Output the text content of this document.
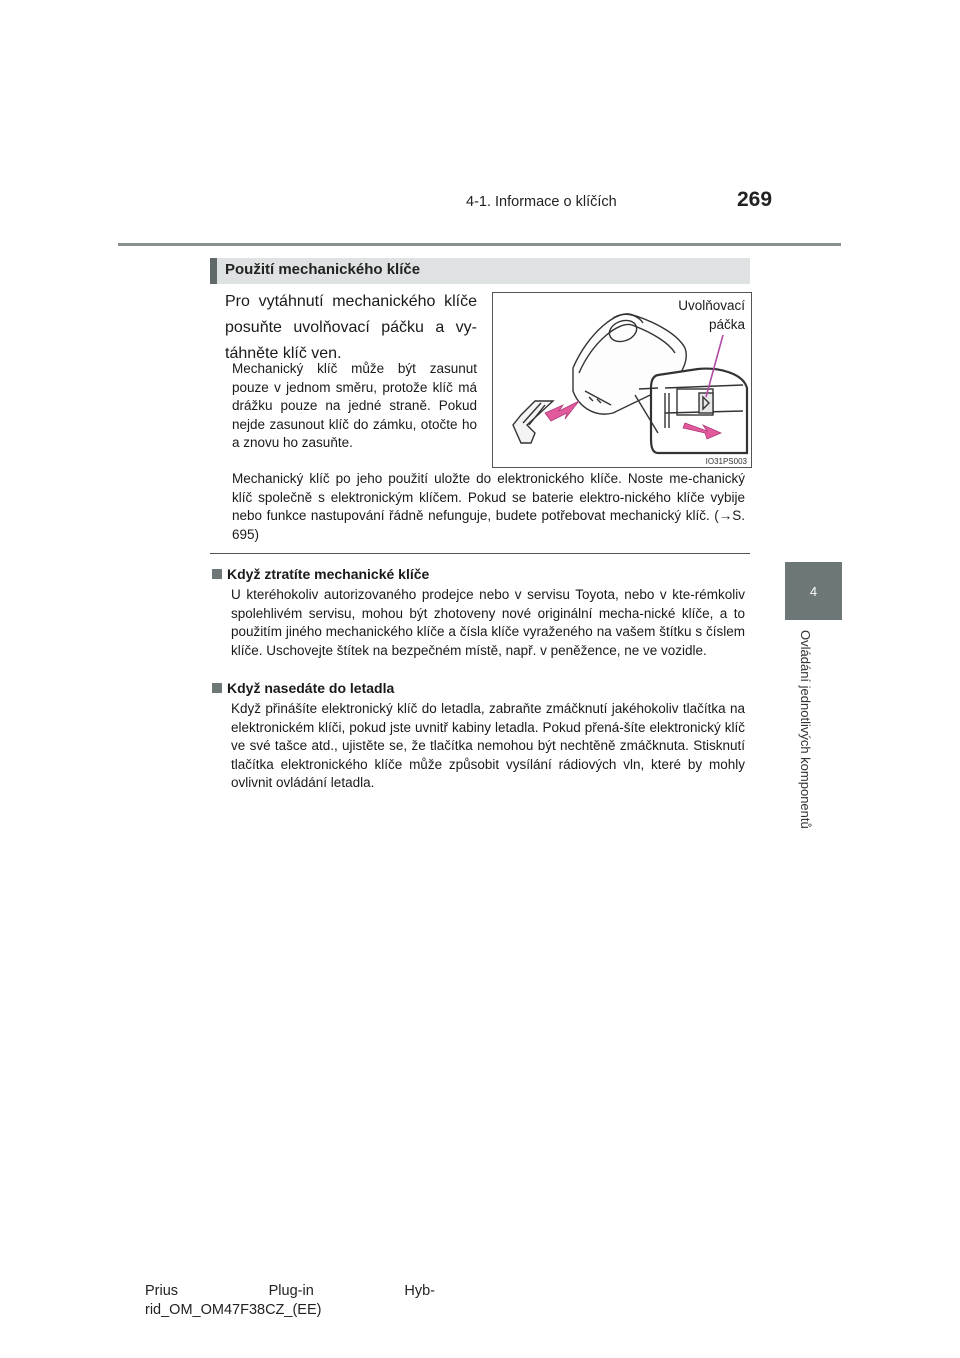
4-1. Informace o klíčích	269
4
Ovládání jednotlivých komponentů
Použití mechanického klíče
Pro vytáhnutí mechanického klíče posuňte uvolňovací páčku a vy-táhněte klíč ven.
Mechanický klíč může být zasunut pouze v jednom směru, protože klíč má drážku pouze na jedné straně. Pokud nejde zasunout klíč do zámku, otočte ho a znovu ho zasuňte.
Mechanický klíč po jeho použití uložte do elektronického klíče. Noste me-chanický klíč společně s elektronickým klíčem. Pokud se baterie elektro-nického klíče vybije nebo funkce nastupování řádně nefunguje, budete potřebovat mechanický klíč. (→S. 695)
Uvolňovací
páčka
IO31PS003
Když ztratíte mechanické klíče
U kteréhokoliv autorizovaného prodejce nebo v servisu Toyota, nebo v kte-rémkoliv spolehlivém servisu, mohou být zhotoveny nové originální mecha-nické klíče, a to použitím jiného mechanického klíče a čísla klíče vyraženého na vašem štítku s číslem klíče. Uschovejte štítek na bezpečném místě, např. v peněžence, ne ve vozidle.
Když nasedáte do letadla
Když přinášíte elektronický klíč do letadla, zabraňte zmáčknutí jakéhokoliv tlačítka na elektronickém klíči, pokud jste uvnitř kabiny letadla. Pokud přená-šíte elektronický klíč ve své tašce atd., ujistěte se, že tlačítka nemohou být nechtěně zmáčknuta. Stisknutí tlačítka elektronického klíče může způsobit vysílání rádiových vln, které by mohly ovlivnit ovládání letadla.
Prius	Plug-in	Hyb-
rid_OM_OM47F38CZ_(EE)
